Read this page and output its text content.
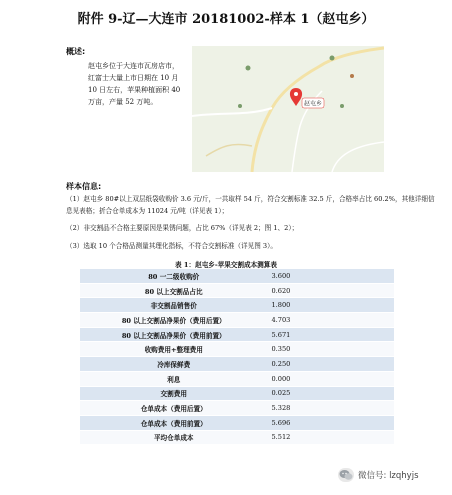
附件 9-辽—大连市 20181002-样本 1（赵屯乡）
概述:
赵屯乡位于大连市瓦房店市，红富士大量上市日期在 10 月 10 日左右，苹果种植面积 40 万亩，产量 52 万吨。	赵屯乡
样本信息:
（1）赵屯乡 80#以上双层纸袋收购价 3.6 元/斤，一共取样 54 斤，符合交割标准 32.5 斤，合格率占比 60.2%，其他详细信息见表格；折合仓单成本为 11024 元/吨（详见表 1）；
（2）非交割品不合格主要原因是果锈问题，占比 67%（详见表 2；图 1、2）；
（3）选取 10 个合格品测量其理化指标，不符合交割标准（详见图 3）。
表 1：赵屯乡-苹果交割成本测算表
80 一二级收购价	3.600
80 以上交割品占比	0.620
非交割品销售价	1.800
80 以上交割品净果价（费用后置）	4.703
80 以上交割品净果价（费用前置）	5.671
收购费用+整理费用	0.350
冷库保鲜费	0.250
利息	0.000
交割费用	0.025
仓单成本（费用后置）	5.328
仓单成本（费用前置）	5.696
平均仓单成本	5.512
微信号: lzqhyjs
